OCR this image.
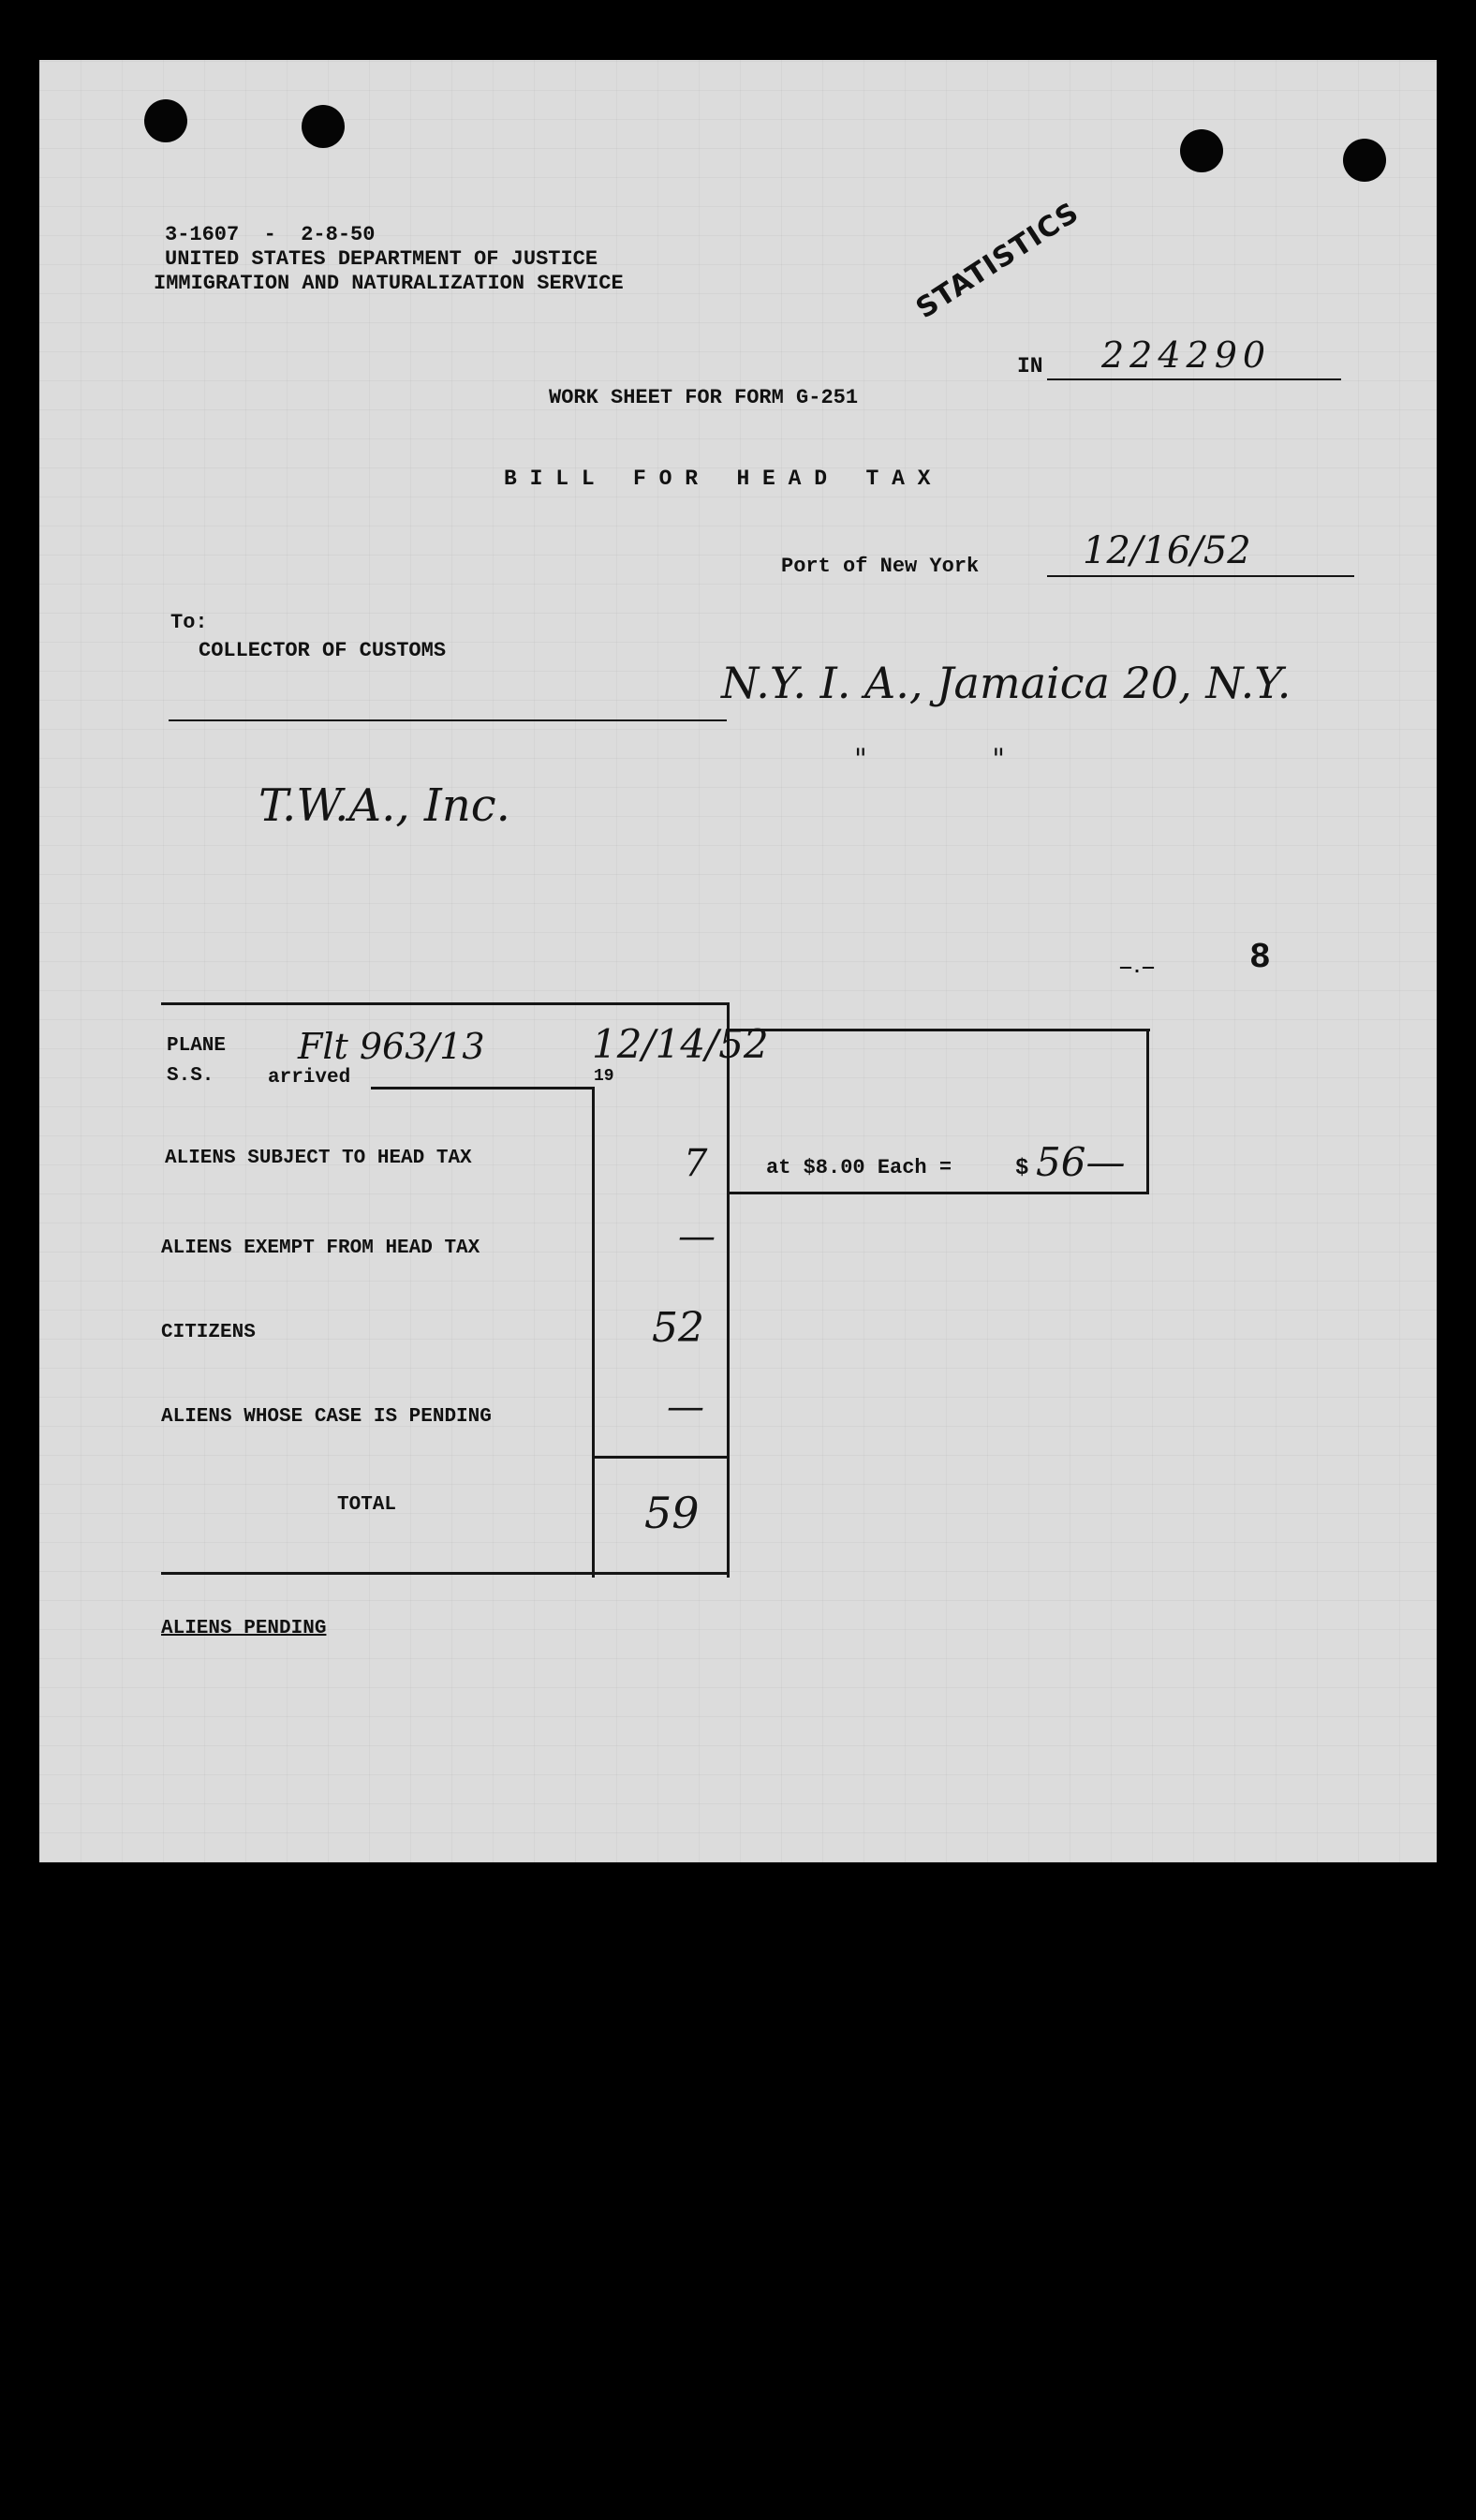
3-1607  -  2-8-50
UNITED STATES DEPARTMENT OF JUSTICE
IMMIGRATION AND NATURALIZATION SERVICE	STATISTICS
IN 224290
WORK SHEET FOR FORM G-251
B I L L   F O R   H E A D   T A X
Port of New York	12/16/52
To:
COLLECTOR OF CUSTOMS
N.Y. I. A., Jamaica 20, N.Y.
"              "
T.W.A., Inc.
—.—	8
PLANE
S.S.	arrived
Flt 963/13
19
12/14/52
ALIENS SUBJECT TO HEAD TAX	7
ALIENS EXEMPT FROM HEAD TAX	—
CITIZENS	52
ALIENS WHOSE CASE IS PENDING	—
TOTAL	59
at $8.00 Each =	$ 56—
ALIENS PENDING
